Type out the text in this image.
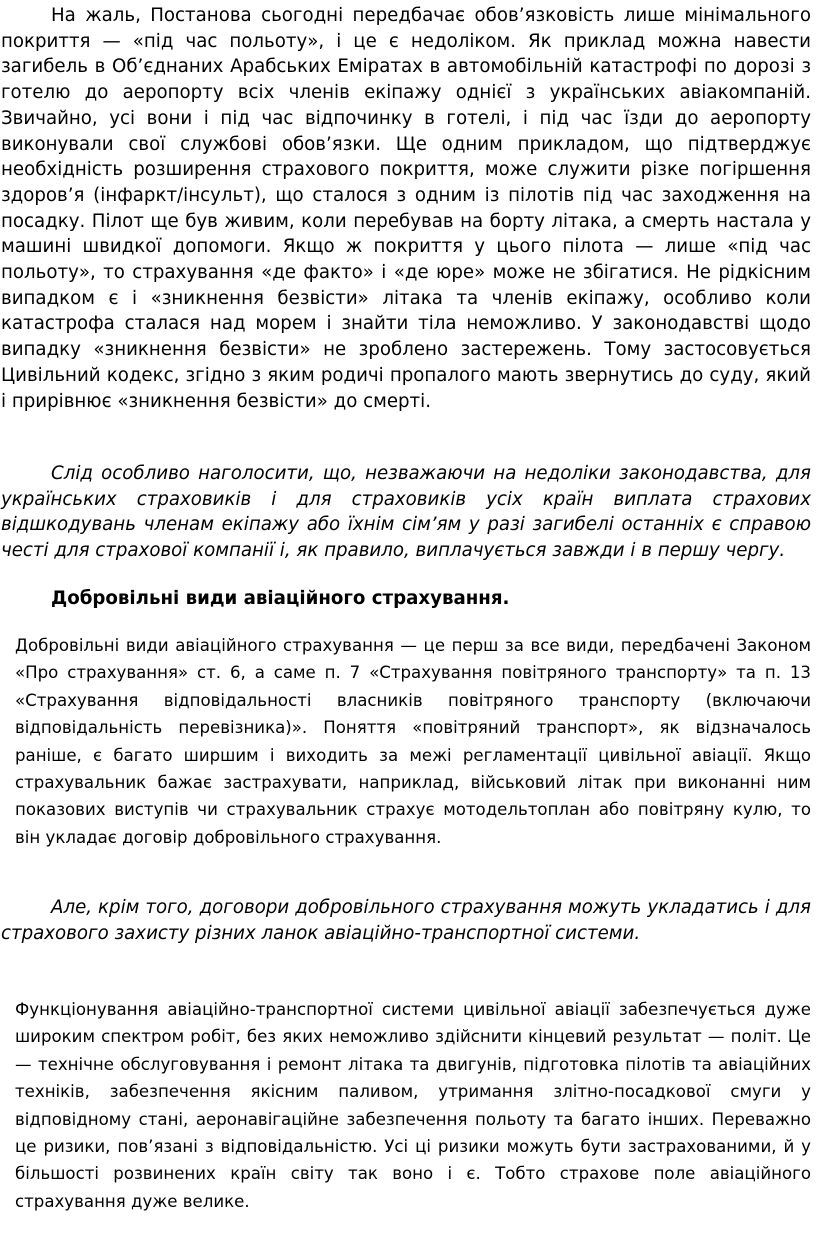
На жаль, Постанова сьогодні передбачає обов’язковість лише мінімального покриття — «під час польоту», і це є недоліком. Як приклад можна навести загибель в Об’єднаних Арабських Еміратах в автомобільній катастрофі по дорозі з готелю до аеропорту всіх членів екіпажу однієї з українських авіакомпаній. Звичайно, усі вони і під час відпочинку в готелі, і під час їзди до аеропорту виконували свої службові обов’язки. Ще одним прикладом, що підтверджує необхідність розширення страхового покриття, може служити різке погіршення здоров’я (інфаркт/інсульт), що сталося з одним із пілотів під час заходження на посадку. Пілот ще був живим, коли перебував на борту літака, а смерть настала у машині швидкої допомоги. Якщо ж покриття у цього пілота — лише «під час польоту», то страхування «де факто» і «де юре» може не збігатися. Не рідкісним випадком є і «зникнення безвісти» літака та членів екіпажу, особливо коли катастрофа сталася над морем і знайти тіла неможливо. У законодавстві щодо випадку «зникнення безвісти» не зроблено застережень. Тому застосовується Цивільний кодекс, згідно з яким родичі пропалого мають звернутись до суду, який і прирівнює «зникнення безвісти» до смерті.

Слід особливо наголосити, що, незважаючи на недоліки законодавства, для українських страховиків і для страховиків усіх країн виплата страхових відшкодувань членам екіпажу або їхнім сім’ям у разі загибелі останніх є справою честі для страхової компанії і, як правило, виплачується завжди і в першу чергу.

Добровільні види авіаційного страхування.

Добровільні види авіаційного страхування — це перш за все види, передбачені Законом «Про страхування» ст. 6, а саме п. 7 «Страхування повітряного транспорту» та п. 13 «Страхування відповідальності власників повітряного транспорту (включаючи відповідальність перевізника)». Поняття «повітряний транспорт», як відзначалось раніше, є багато ширшим і виходить за межі регламентації цивільної авіації. Якщо страхувальник бажає застрахувати, наприклад, військовий літак при виконанні ним показових виступів чи страхувальник страхує мотодельтоплан або повітряну кулю, то він укладає договір добровільного страхування.

Але, крім того, договори добровільного страхування можуть укладатись і для страхового захисту різних ланок авіаційно-транспортної системи.

Функціонування авіаційно-транспортної системи цивільної авіації забезпечується дуже широким спектром робіт, без яких неможливо здійснити кінцевий результат — політ. Це — технічне обслуговування і ремонт літака та двигунів, підготовка пілотів та авіаційних техніків, забезпечення якісним паливом, утримання злітно-посадкової смуги у відповідному стані, аеронавігаційне забезпечення польоту та багато інших. Переважно це ризики, пов’язані з відповідальністю. Усі ці ризики можуть бути застрахованими, й у більшості розвинених країн світу так воно і є. Тобто страхове поле авіаційного страхування дуже велике.
